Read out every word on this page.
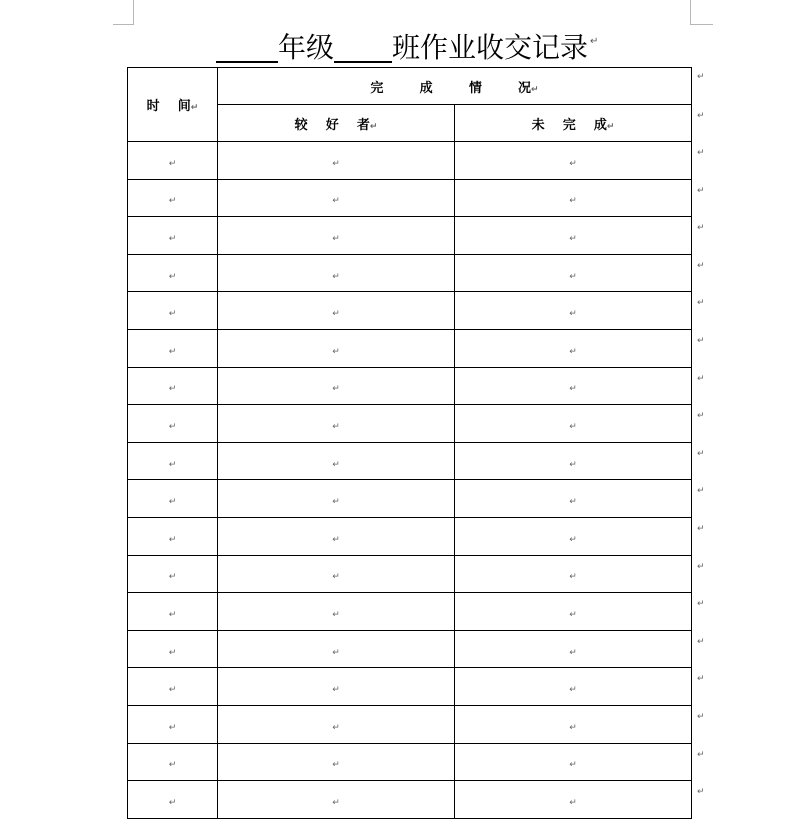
年级 班作业收交记录 ↵
时    间↵	完        成        情        况↵	
	较    好    者↵	未    完    成↵
↵	↵	↵
↵	↵	↵
↵	↵	↵
↵	↵	↵
↵	↵	↵
↵	↵	↵
↵	↵	↵
↵	↵	↵
↵	↵	↵
↵	↵	↵
↵	↵	↵
↵	↵	↵
↵	↵	↵
↵	↵	↵
↵	↵	↵
↵	↵	↵
↵	↵	↵
↵	↵	↵
↵
↵
↵
↵
↵
↵
↵
↵
↵
↵
↵
↵
↵
↵
↵
↵
↵
↵
↵
↵
